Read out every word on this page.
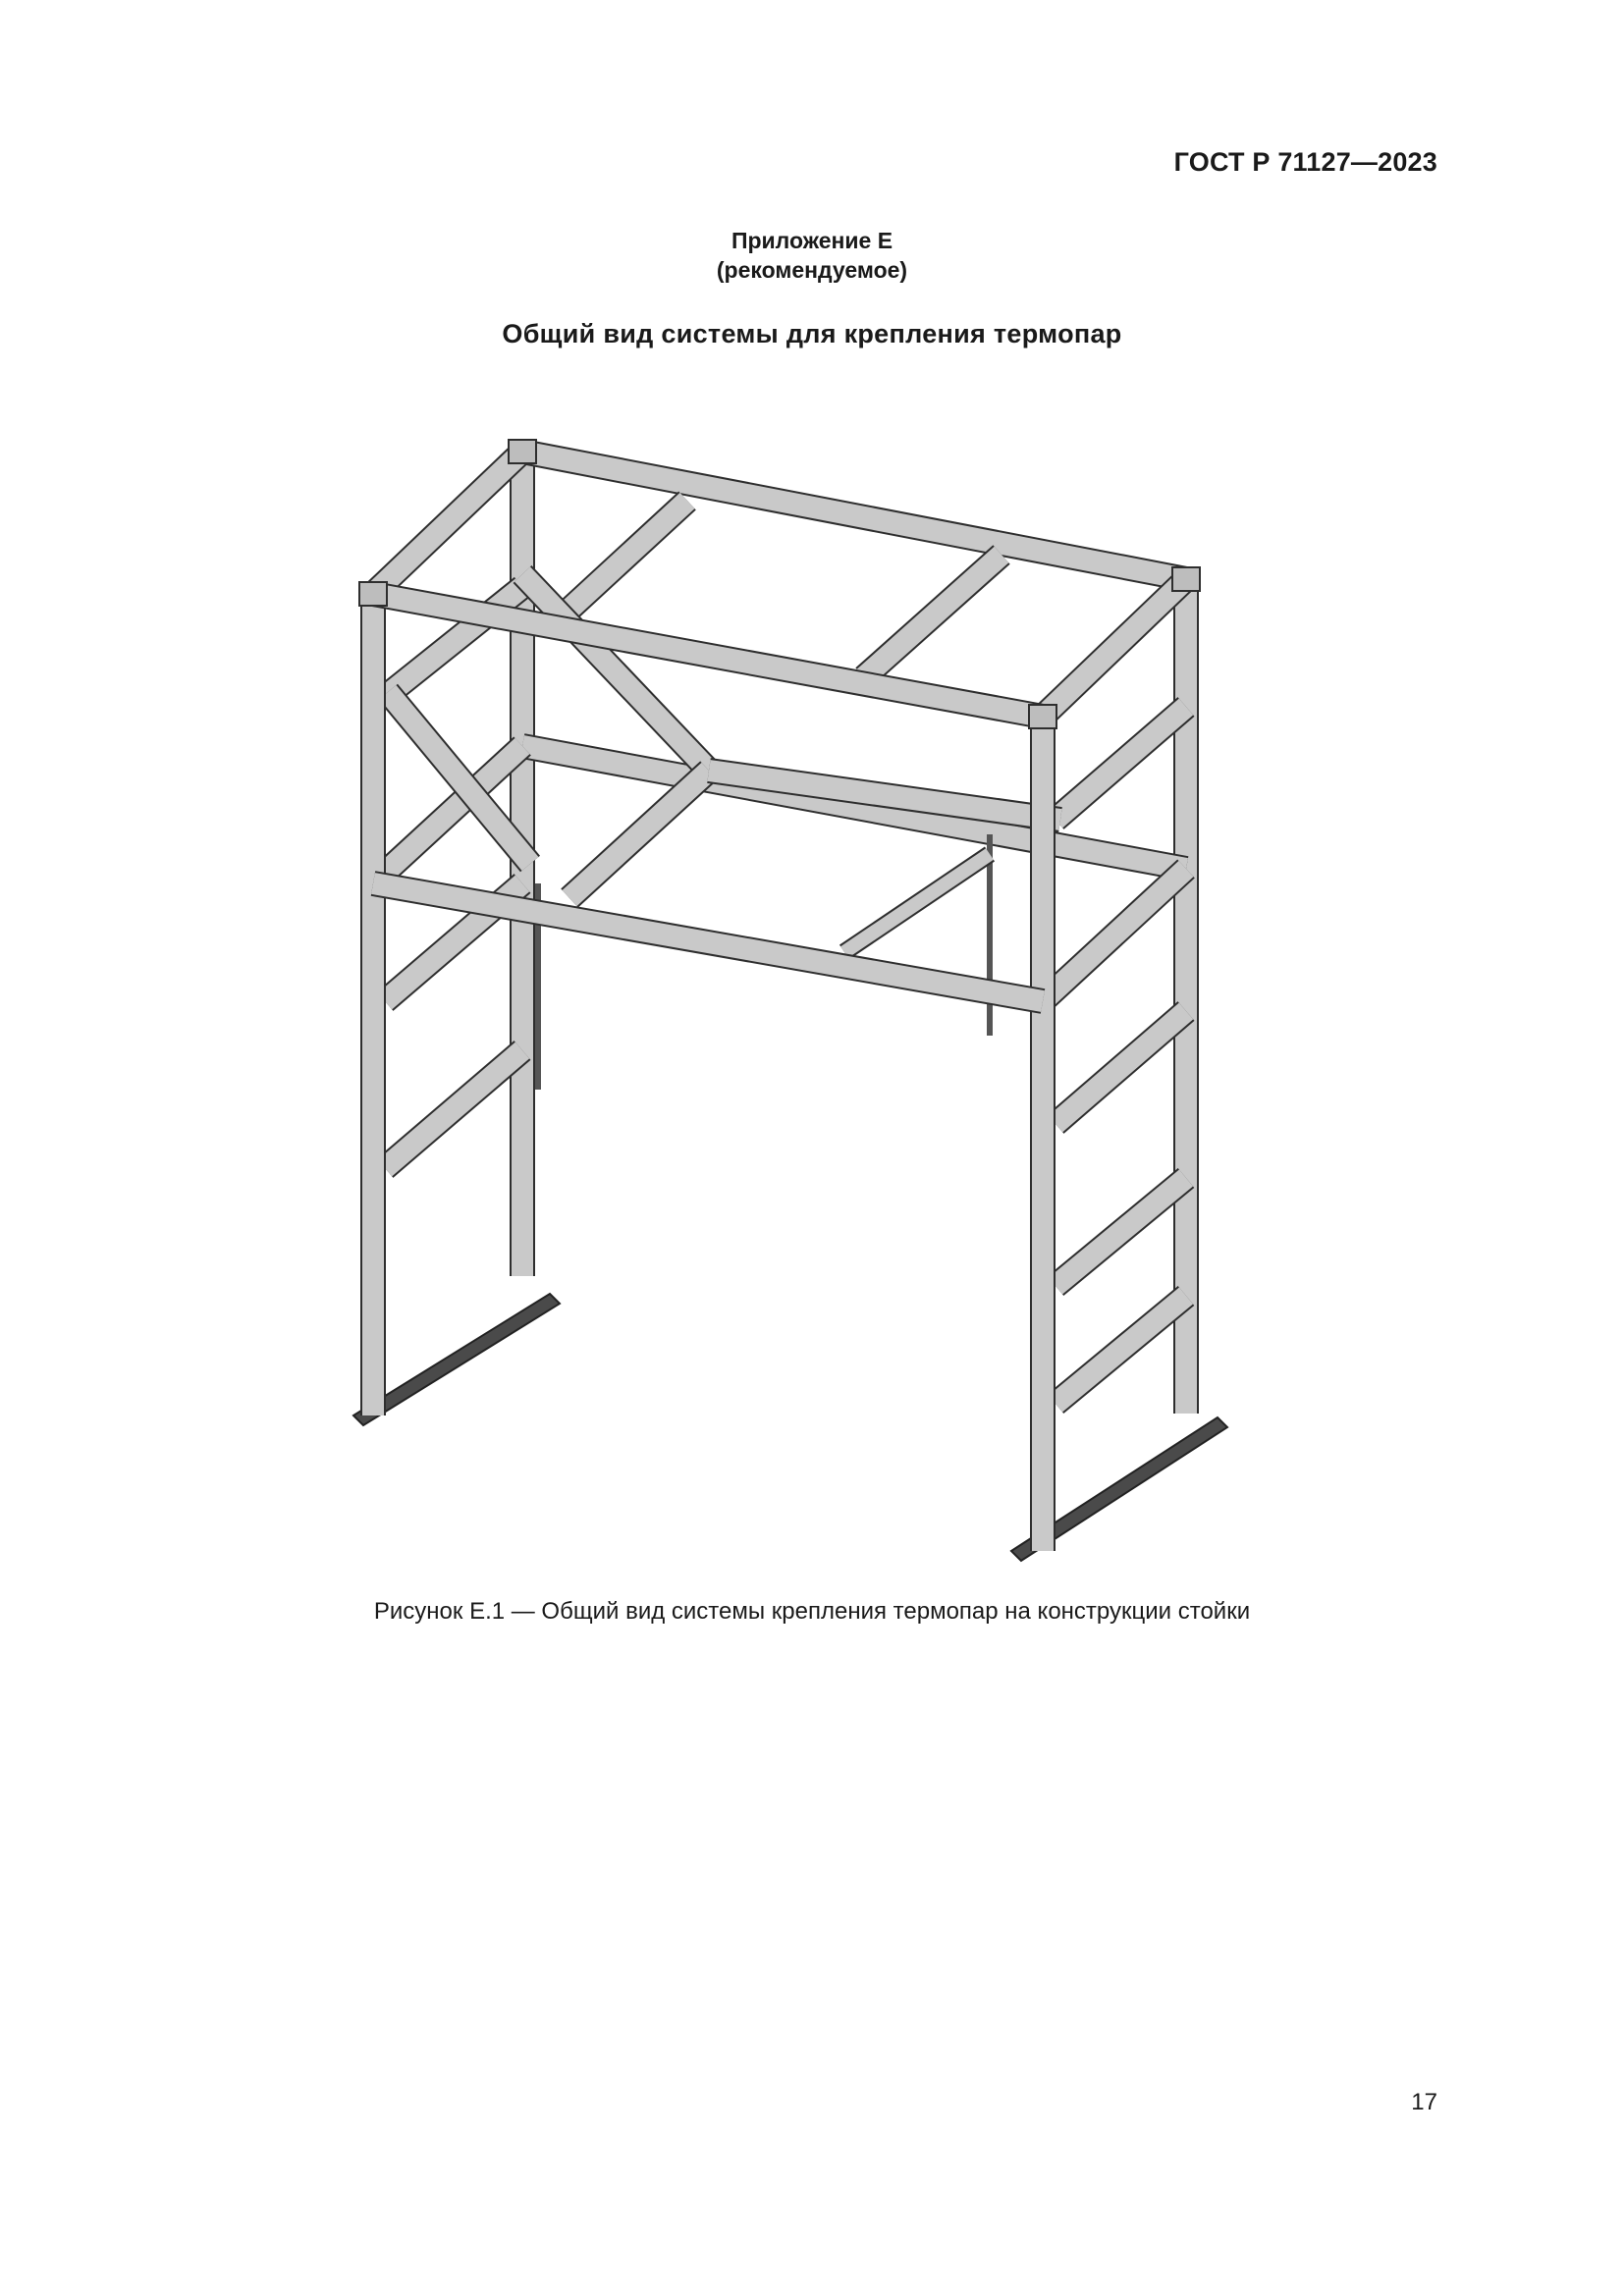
ГОСТ Р 71127—2023
Приложение Е
(рекомендуемое)
Общий вид системы для крепления термопар
Рисунок Е.1 — Общий вид системы крепления термопар на конструкции стойки
17
